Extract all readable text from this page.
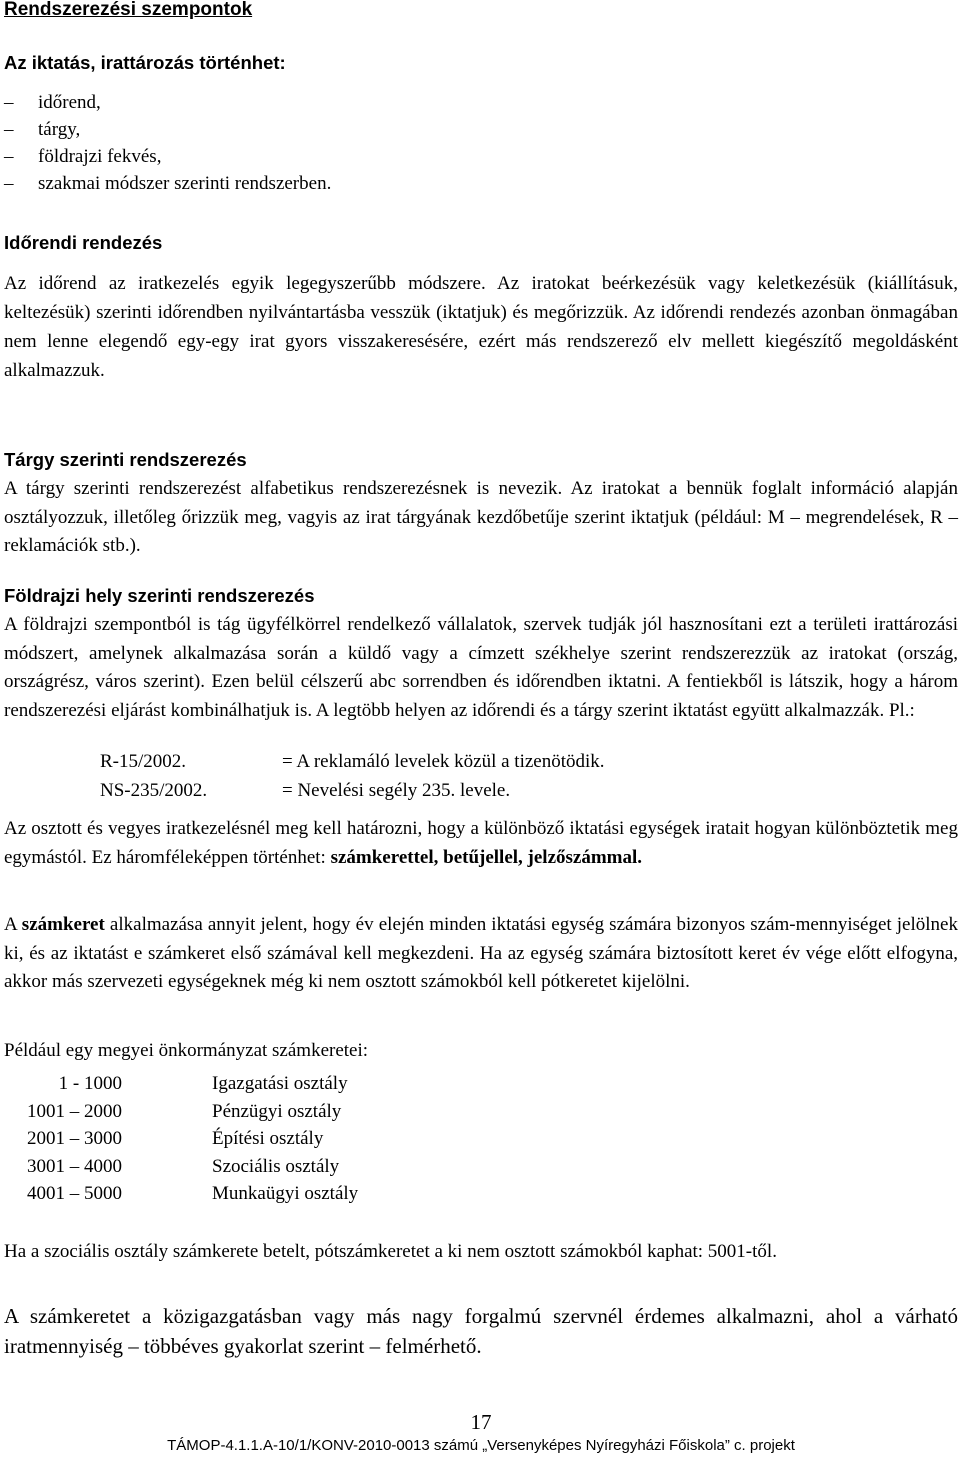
Rendszerezési szempontok
Az iktatás, irattározás történhet:
– időrend,
– tárgy,
– földrajzi fekvés,
– szakmai módszer szerinti rendszerben.
Időrendi rendezés
Az időrend az iratkezelés egyik legegyszerűbb módszere. Az iratokat beérkezésük vagy keletkezésük (kiállításuk, keltezésük) szerinti időrendben nyilvántartásba vesszük (iktatjuk) és megőrizzük. Az időrendi rendezés azonban önmagában nem lenne elegendő egy-egy irat gyors visszakeresésére, ezért más rendszerező elv mellett kiegészítő megoldásként alkalmazzuk.
Tárgy szerinti rendszerezés
A tárgy szerinti rendszerezést alfabetikus rendszerezésnek is nevezik. Az iratokat a bennük foglalt információ alapján osztályozzuk, illetőleg őrizzük meg, vagyis az irat tárgyának kezdőbetűje szerint iktatjuk (például: M – megrendelések, R – reklamációk stb.).
Földrajzi hely szerinti rendszerezés
A földrajzi szempontból is tág ügyfélkörrel rendelkező vállalatok, szervek tudják jól hasznosítani ezt a területi irattározási módszert, amelynek alkalmazása során a küldő vagy a címzett székhelye szerint rendszerezzük az iratokat (ország, országrész, város szerint). Ezen belül célszerű abc sorrendben és időrendben iktatni. A fentiekből is látszik, hogy a három rendszerezési eljárást kombinálhatjuk is. A legtöbb helyen az időrendi és a tárgy szerint iktatást együtt alkalmazzák. Pl.:
R-15/2002.	= A reklamáló levelek közül a tizenötödik.
NS-235/2002.	= Nevelési segély 235. levele.
Az osztott és vegyes iratkezelésnél meg kell határozni, hogy a különböző iktatási egységek iratait hogyan különböztetik meg egymástól. Ez háromféleképpen történhet: számkerettel, betűjellel, jelzőszámmal.
A számkeret alkalmazása annyit jelent, hogy év elején minden iktatási egység számára bizonyos szám-mennyiséget jelölnek ki, és az iktatást e számkeret első számával kell megkezdeni. Ha az egység számára biztosított keret év vége előtt elfogyna, akkor más szervezeti egységeknek még ki nem osztott számokból kell pótkeretet kijelölni.
Például egy megyei önkormányzat számkeretei:
1 - 1000	Igazgatási osztály
1001 – 2000	Pénzügyi osztály
2001 – 3000	Építési osztály
3001 – 4000	Szociális osztály
4001 – 5000	Munkaügyi osztály
Ha a szociális osztály számkerete betelt, pótszámkeretet a ki nem osztott számokból kaphat: 5001-től.
A számkeretet a közigazgatásban vagy más nagy forgalmú szervnél érdemes alkalmazni, ahol a várható iratmennyiség – többéves gyakorlat szerint – felmérhető.
17
TÁMOP-4.1.1.A-10/1/KONV-2010-0013 számú „Versenyképes Nyíregyházi Főiskola” c. projekt
